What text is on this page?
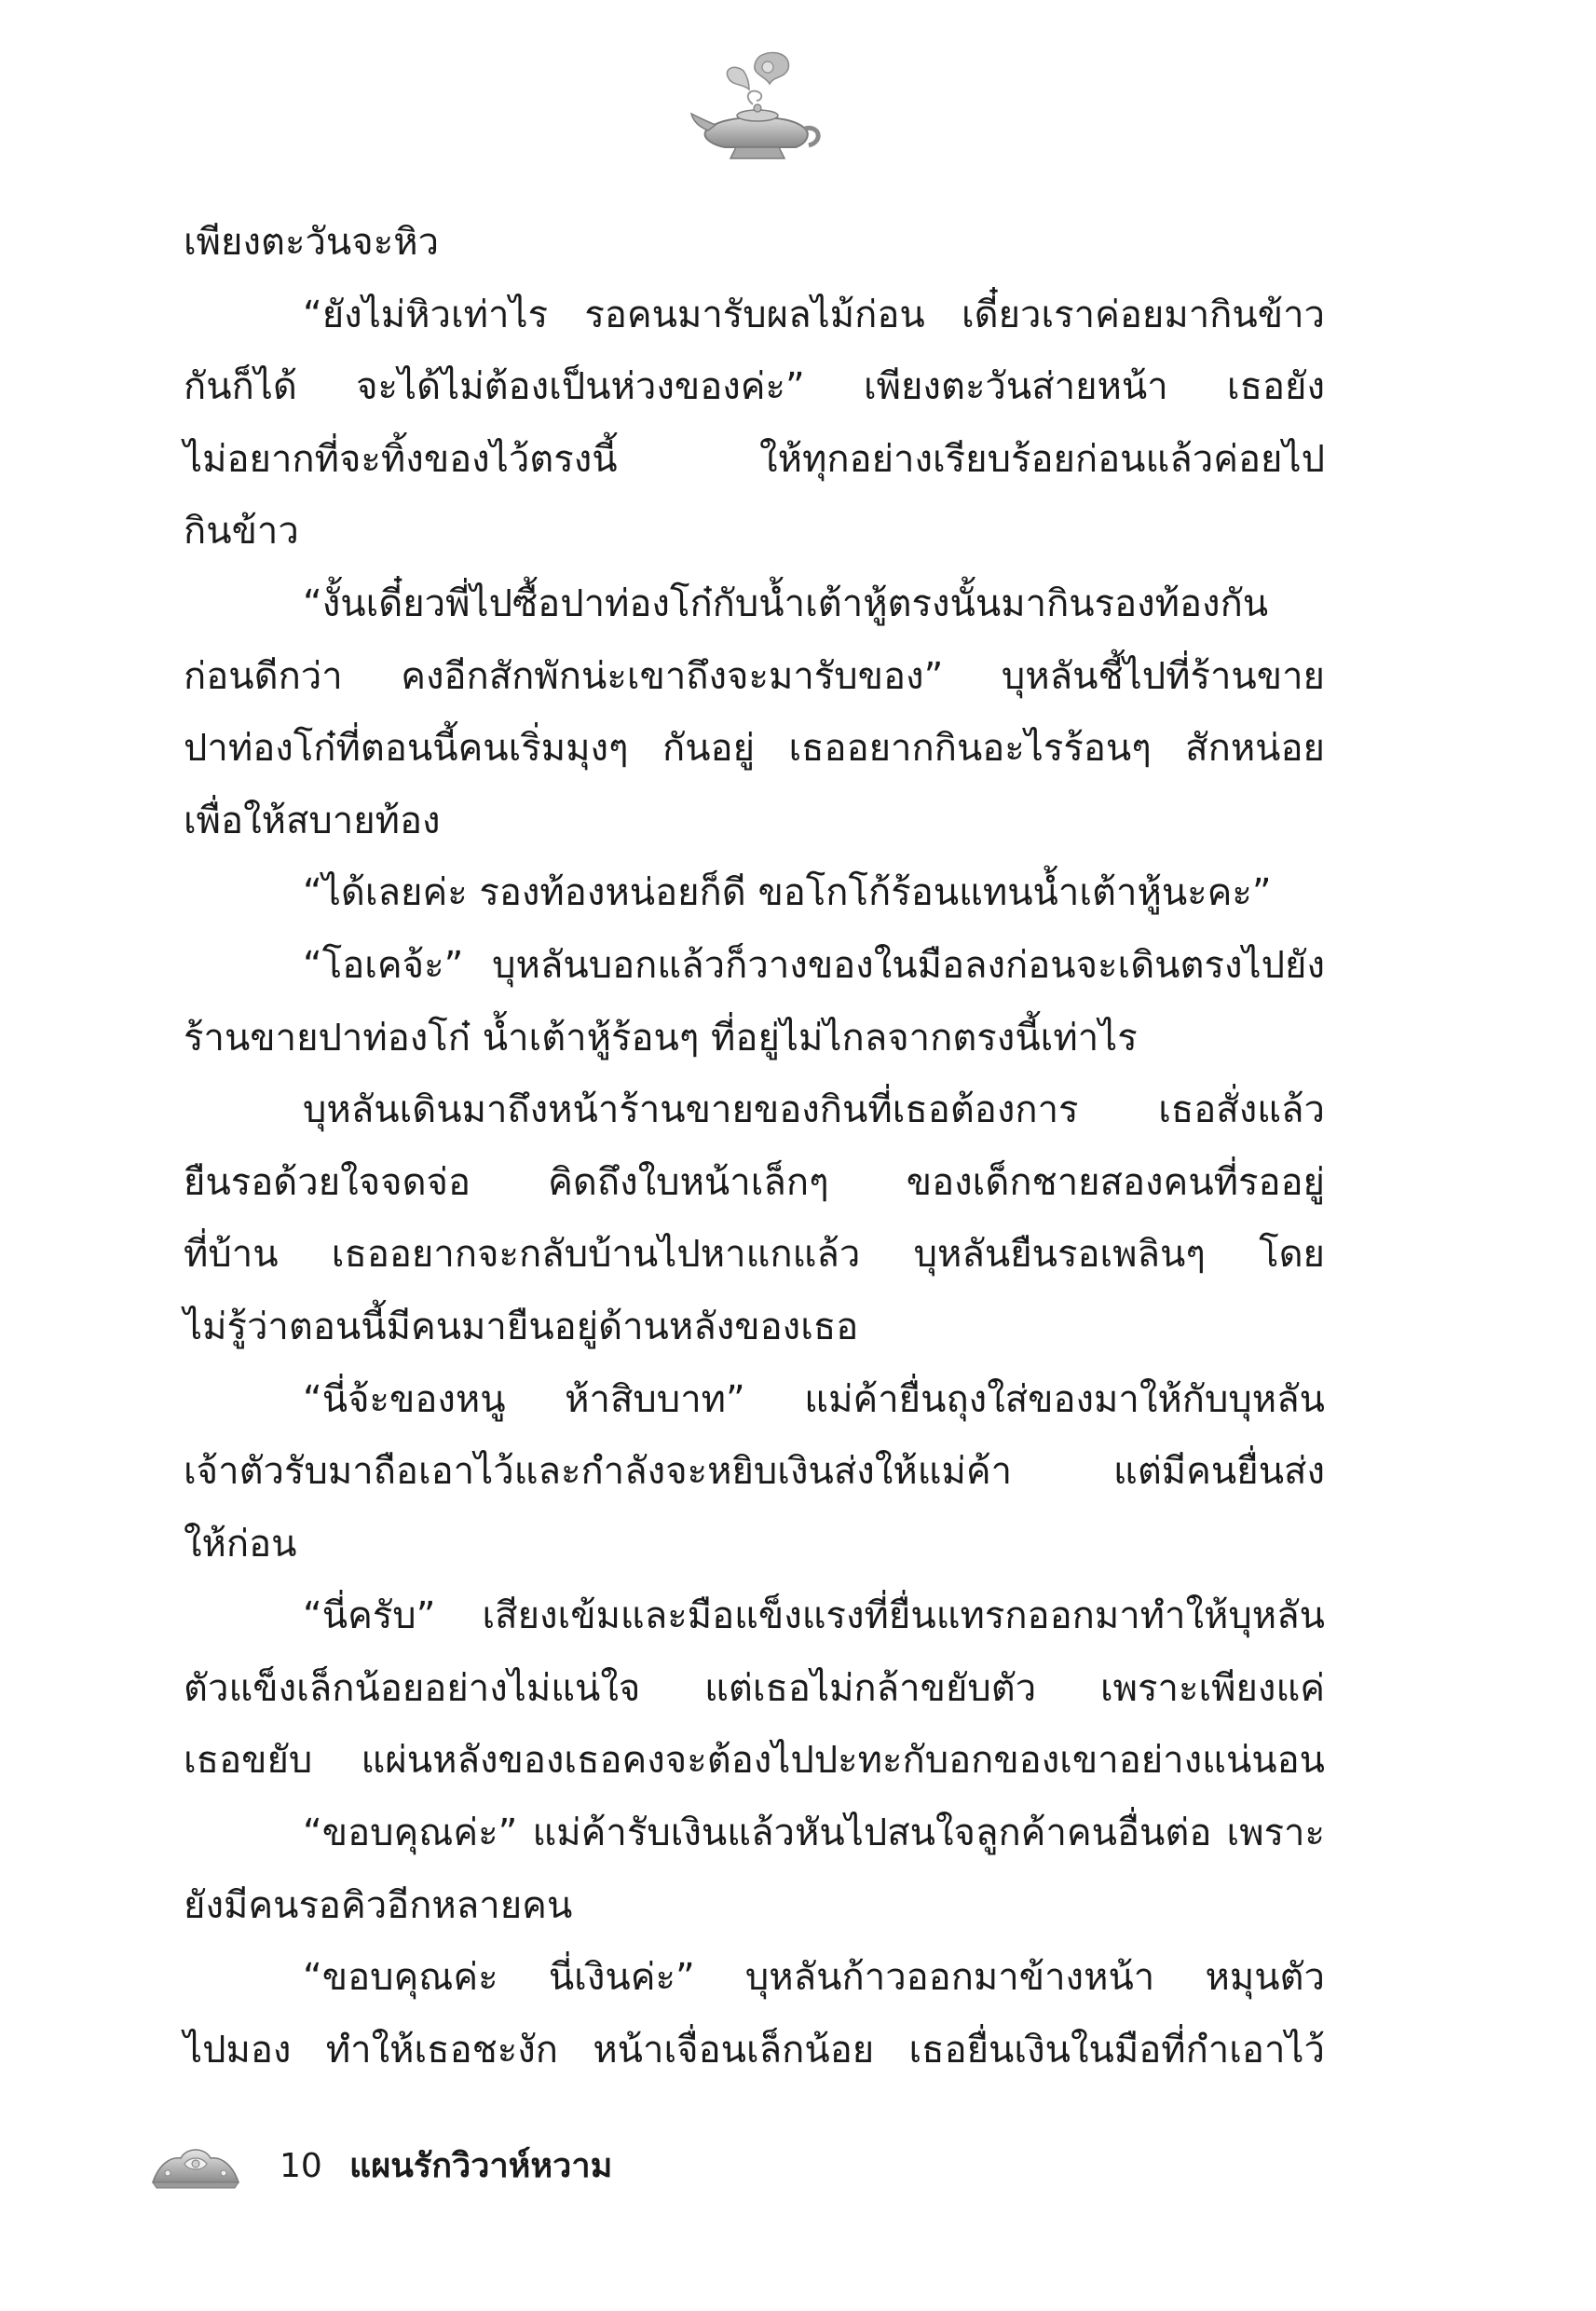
เพียงตะวันจะหิว
“ยังไม่หิวเท่าไร รอคนมารับผลไม้ก่อน เดี๋ยวเราค่อยมากินข้าว
กันก็ได้ จะได้ไม่ต้องเป็นห่วงของค่ะ” เพียงตะวันส่ายหน้า เธอยัง
ไม่อยากที่จะทิ้งของไว้ตรงนี้ ให้ทุกอย่างเรียบร้อยก่อนแล้วค่อยไป
กินข้าว
“งั้นเดี๋ยวพี่ไปซื้อปาท่องโก๋กับน้ำเต้าหู้ตรงนั้นมากินรองท้องกัน
ก่อนดีกว่า คงอีกสักพักน่ะเขาถึงจะมารับของ” บุหลันชี้ไปที่ร้านขาย
ปาท่องโก๋ที่ตอนนี้คนเริ่มมุงๆ กันอยู่ เธออยากกินอะไรร้อนๆ สักหน่อย
เพื่อให้สบายท้อง
“ได้เลยค่ะ รองท้องหน่อยก็ดี ขอโกโก้ร้อนแทนน้ำเต้าหู้นะคะ”
“โอเคจ้ะ” บุหลันบอกแล้วก็วางของในมือลงก่อนจะเดินตรงไปยัง
ร้านขายปาท่องโก๋ น้ำเต้าหู้ร้อนๆ ที่อยู่ไม่ไกลจากตรงนี้เท่าไร
บุหลันเดินมาถึงหน้าร้านขายของกินที่เธอต้องการ เธอสั่งแล้ว
ยืนรอด้วยใจจดจ่อ คิดถึงใบหน้าเล็กๆ ของเด็กชายสองคนที่รออยู่
ที่บ้าน เธออยากจะกลับบ้านไปหาแกแล้ว บุหลันยืนรอเพลินๆ โดย
ไม่รู้ว่าตอนนี้มีคนมายืนอยู่ด้านหลังของเธอ
“นี่จ้ะของหนู ห้าสิบบาท” แม่ค้ายื่นถุงใส่ของมาให้กับบุหลัน
เจ้าตัวรับมาถือเอาไว้และกำลังจะหยิบเงินส่งให้แม่ค้า แต่มีคนยื่นส่ง
ให้ก่อน
“นี่ครับ” เสียงเข้มและมือแข็งแรงที่ยื่นแทรกออกมาทำให้บุหลัน
ตัวแข็งเล็กน้อยอย่างไม่แน่ใจ แต่เธอไม่กล้าขยับตัว เพราะเพียงแค่
เธอขยับ แผ่นหลังของเธอคงจะต้องไปปะทะกับอกของเขาอย่างแน่นอน
“ขอบคุณค่ะ” แม่ค้ารับเงินแล้วหันไปสนใจลูกค้าคนอื่นต่อ เพราะ
ยังมีคนรอคิวอีกหลายคน
“ขอบคุณค่ะ นี่เงินค่ะ” บุหลันก้าวออกมาข้างหน้า หมุนตัว
ไปมอง ทำให้เธอชะงัก หน้าเจื่อนเล็กน้อย เธอยื่นเงินในมือที่กำเอาไว้
10 แผนรักวิวาห์หวาม
